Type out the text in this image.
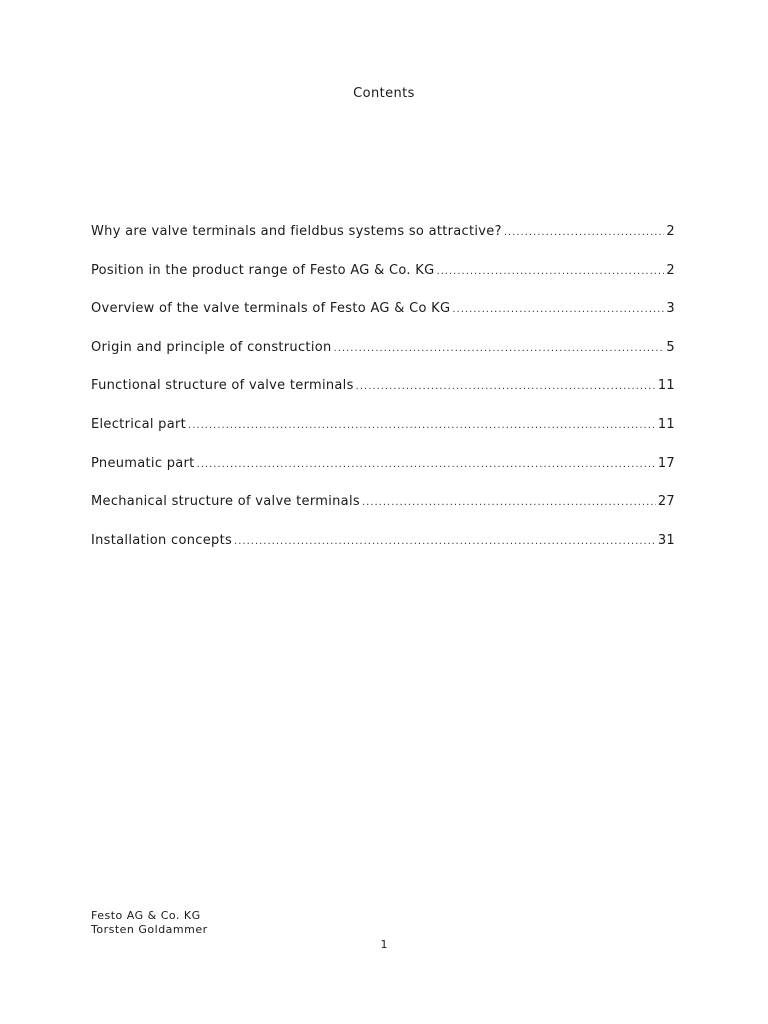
Contents
Why are valve terminals and fieldbus systems so attractive? .....	2
Position in the product range of Festo AG & Co. KG .....	2
Overview of the valve terminals of Festo AG & Co KG .....	3
Origin and principle of construction .....	5
Functional structure of valve terminals .....	11
Electrical part .....	11
Pneumatic part .....	17
Mechanical structure of valve terminals .....	27
Installation concepts .....	31
Festo AG & Co. KG
Torsten Goldammer
1
